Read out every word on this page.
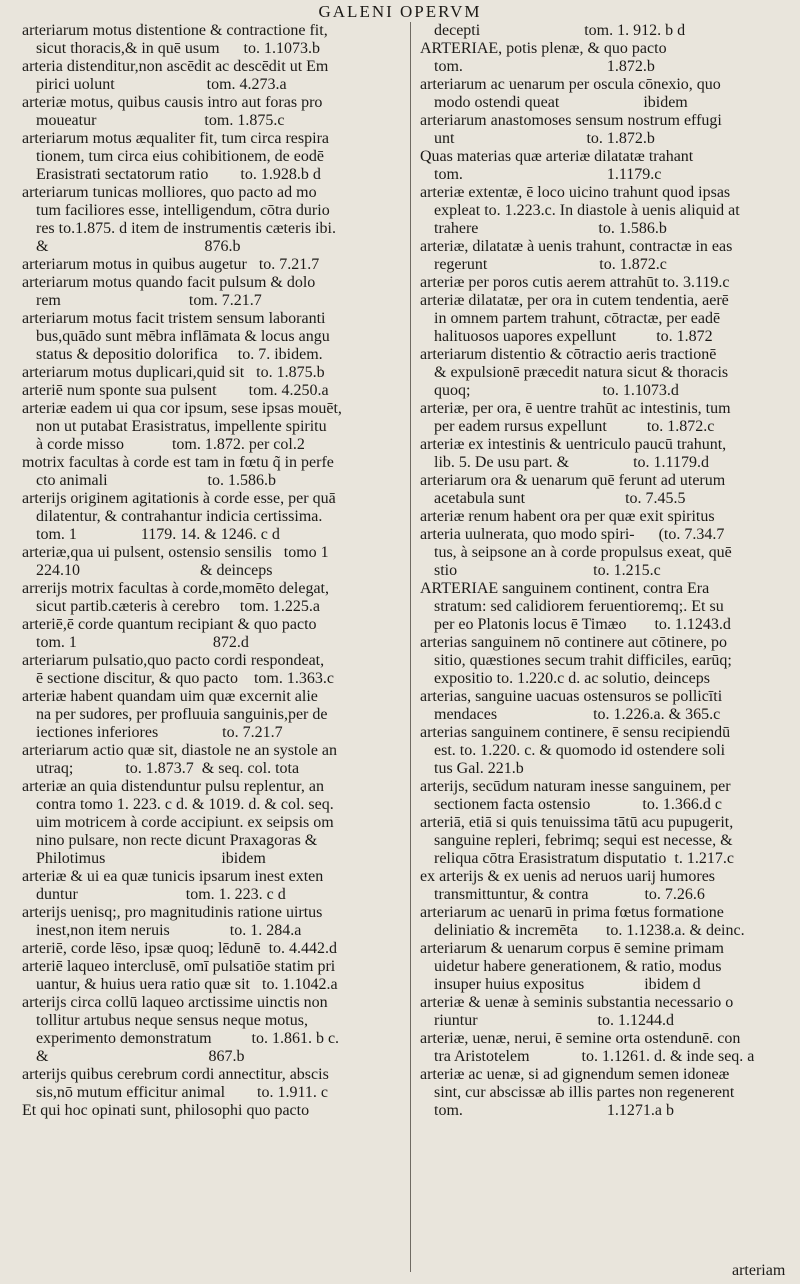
GALENI OPERVM
arteriarum motus distentione & contractione fit,
sicut thoracis,& in quē usum      to. 1.1073.b
arteria distenditur,non ascēdit ac descēdit ut Em
pirici uolunt                       tom. 4.273.a
arteriæ motus, quibus causis intro aut foras pro
moueatur                           tom. 1.875.c
arteriarum motus æqualiter fit, tum circa respira
tionem, tum circa eius cohibitionem, de eodē
Erasistrati sectatorum ratio        to. 1.928.b d
arteriarum tunicas molliores, quo pacto ad mo
tum faciliores esse, intelligendum, cōtra durio
res to.1.875. d item de instrumentis cæteris ibi.
&                                       876.b
arteriarum motus in quibus augetur   to. 7.21.7
arteriarum motus quando facit pulsum & dolo
rem                                tom. 7.21.7
arteriarum motus facit tristem sensum laboranti
bus,quādo sunt mēbra inflāmata & locus angu
status & depositio dolorifica     to. 7. ibidem.
arteriarum motus duplicari,quid sit   to. 1.875.b
arteriē num sponte sua pulsent        tom. 4.250.a
arteriæ eadem ui qua cor ipsum, sese ipsas mouēt,
non ut putabat Erasistratus, impellente spiritu
à corde misso            tom. 1.872. per col.2
motrix facultas à corde est tam in fœtu q̃ in perfe
cto animali                         to. 1.586.b
arterijs originem agitationis à corde esse, per quā
dilatentur, & contrahantur indicia certissima.
tom. 1                1179. 14. & 1246. c d
arteriæ,qua ui pulsent, ostensio sensilis   tomo 1
224.10                              & deinceps
arrerijs motrix facultas à corde,momēto delegat,
sicut partib.cæteris à cerebro     tom. 1.225.a
arteriē,ē corde quantum recipiant & quo pacto
tom. 1                                  872.d
arteriarum pulsatio,quo pacto cordi respondeat,
ē sectione discitur, & quo pacto    tom. 1.363.c
arteriæ habent quandam uim quæ excernit alie
na per sudores, per profluuia sanguinis,per de
iectiones inferiores                to. 7.21.7
arteriarum actio quæ sit, diastole ne an systole an
utraq;             to. 1.873.7  & seq. col. tota
arteriæ an quia distenduntur pulsu replentur, an
contra tomo 1. 223. c d. & 1019. d. & col. seq.
uim motricem à corde accipiunt. ex seipsis om
nino pulsare, non recte dicunt Praxagoras &
Philotimus                             ibidem
arteriæ & ui ea quæ tunicis ipsarum inest exten
duntur                           tom. 1. 223. c d
arterijs uenisq;, pro magnitudinis ratione uirtus
inest,non item neruis               to. 1. 284.a
arteriē, corde lēso, ipsæ quoq; lēdunē  to. 4.442.d
arteriē laqueo interclusē, omī pulsatiōe statim pri
uantur, & huius uera ratio quæ sit   to. 1.1042.a
arterijs circa collū laqueo arctissime uinctis non
tollitur artubus neque sensus neque motus,
experimento demonstratum          to. 1.861. b c.
&                                        867.b
arterijs quibus cerebrum cordi annectitur, abscis
sis,nō mutum efficitur animal        to. 1.911. c
Et qui hoc opinati sunt, philosophi quo pacto
decepti                          tom. 1. 912. b d
ARTERIAE, potis plenæ, & quo pacto
tom.                                    1.872.b
arteriarum ac uenarum per oscula cōnexio, quo
modo ostendi queat                     ibidem
arteriarum anastomoses sensum nostrum effugi
unt                                 to. 1.872.b
Quas materias quæ arteriæ dilatatæ trahant
tom.                                    1.1179.c
arteriæ extentæ, ē loco uicino trahunt quod ipsas
expleat to. 1.223.c. In diastole à uenis aliquid at
trahere                              to. 1.586.b
arteriæ, dilatatæ à uenis trahunt, contractæ in eas
regerunt                            to. 1.872.c
arteriæ per poros cutis aerem attrahūt to. 3.119.c
arteriæ dilatatæ, per ora in cutem tendentia, aerē
in omnem partem trahunt, cōtractæ, per eadē
halituosos uapores expellunt          to. 1.872
arteriarum distentio & cōtractio aeris tractionē
& expulsionē præcedit natura sicut & thoracis
quoq;                                 to. 1.1073.d
arteriæ, per ora, ē uentre trahūt ac intestinis, tum
per eadem rursus expellunt          to. 1.872.c
arteriæ ex intestinis & uentriculo paucū trahunt,
lib. 5. De usu part. &                to. 1.1179.d
arteriarum ora & uenarum quē ferunt ad uterum
acetabula sunt                         to. 7.45.5
arteriæ renum habent ora per quæ exit spiritus
arteria uulnerata, quo modo spiri-      (to. 7.34.7
tus, à seipsone an à corde propulsus exeat, quē
stio                                  to. 1.215.c
ARTERIAE sanguinem continent, contra Era
stratum: sed calidiorem feruentioremq;. Et su
per eo Platonis locus ē Timæo       to. 1.1243.d
arterias sanguinem nō continere aut cōtinere, po
sitio, quæstiones secum trahit difficiles, earūq;
expositio to. 1.220.c d. ac solutio, deinceps
arterias, sanguine uacuas ostensuros se pollicīti
mendaces                        to. 1.226.a. & 365.c
arterias sanguinem continere, ē sensu recipiendū
est. to. 1.220. c. & quomodo id ostendere soli
tus Gal. 221.b
arterijs, secūdum naturam inesse sanguinem, per
sectionem facta ostensio             to. 1.366.d c
arteriā, etiā si quis tenuissima tātū acu pupugerit,
sanguine repleri, febrimq; sequi est necesse, &
reliqua cōtra Erasistratum disputatio  t. 1.217.c
ex arterijs & ex uenis ad neruos uarij humores
transmittuntur, & contra              to. 7.26.6
arteriarum ac uenarū in prima fœtus formatione
deliniatio & incremēta       to. 1.1238.a. & deinc.
arteriarum & uenarum corpus ē semine primam
uidetur habere generationem, & ratio, modus
insuper huius expositus               ibidem d
arteriæ & uenæ à seminis substantia necessario o
riuntur                              to. 1.1244.d
arteriæ, uenæ, nerui, ē semine orta ostendunē. con
tra Aristotelem             to. 1.1261. d. & inde seq. a
arteriæ ac uenæ, si ad gignendum semen idoneæ
sint, cur abscissæ ab illis partes non regenerent
tom.                                    1.1271.a b
arteriam
